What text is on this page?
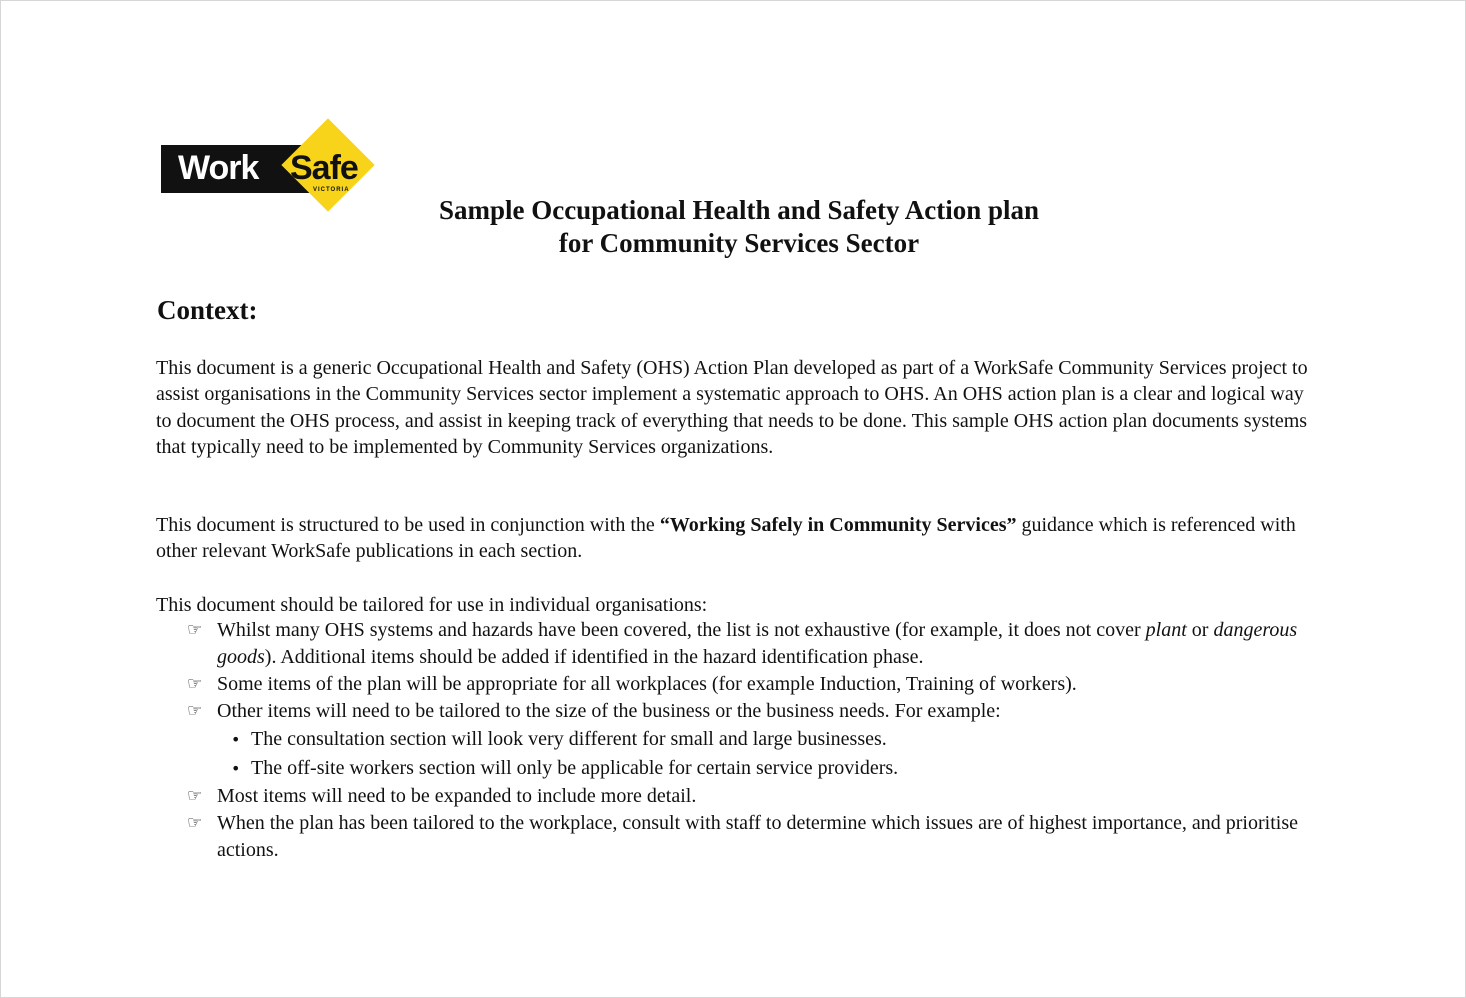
Work Safe
VICTORIA
Sample Occupational Health and Safety Action plan
for Community Services Sector
Context:

This document is a generic Occupational Health and Safety (OHS) Action Plan developed as part of a WorkSafe Community Services project to assist organisations in the Community Services sector implement a systematic approach to OHS. An OHS action plan is a clear and logical way to document the OHS process, and assist in keeping track of everything that needs to be done. This sample OHS action plan documents systems that typically need to be implemented by Community Services organizations.

This document is structured to be used in conjunction with the “Working Safely in Community Services” guidance which is referenced with other relevant WorkSafe publications in each section.

This document should be tailored for use in individual organisations:

☞ Whilst many OHS systems and hazards have been covered, the list is not exhaustive (for example, it does not cover plant or dangerous goods). Additional items should be added if identified in the hazard identification phase.
☞ Some items of the plan will be appropriate for all workplaces (for example Induction, Training of workers).
☞ Other items will need to be tailored to the size of the business or the business needs. For example:
• The consultation section will look very different for small and large businesses.
• The off-site workers section will only be applicable for certain service providers.
☞ Most items will need to be expanded to include more detail.
☞ When the plan has been tailored to the workplace, consult with staff to determine which issues are of highest importance, and prioritise actions.
